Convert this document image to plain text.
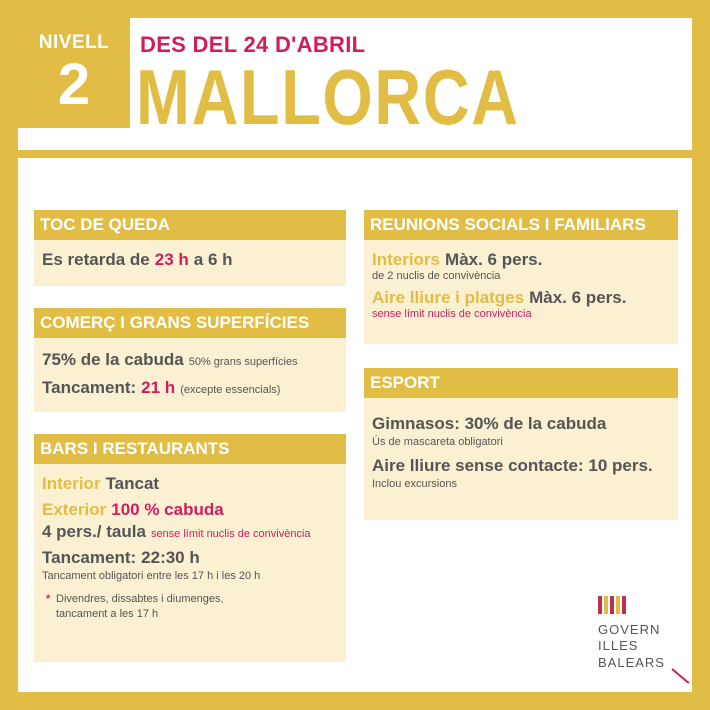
NIVELL
2
DES DEL 24 D'ABRIL
MALLORCA
TOC DE QUEDA
Es retarda de 23 h a 6 h
COMERÇ I GRANS SUPERFÍCIES
75% de la cabuda 50% grans superfícies
Tancament: 21 h (excepte essencials)
BARS I RESTAURANTS
Interior Tancat
Exterior 100 % cabuda
4 pers./ taula sense límit nuclis de convivència
Tancament: 22:30 h
Tancament obligatori entre les 17 h i les 20 h
* Divendres, dissabtes i diumenges,
tancament a les 17 h
REUNIONS SOCIALS I FAMILIARS
Interiors Màx. 6 pers.
de 2 nuclis de convivència
Aire lliure i platges Màx. 6 pers.
sense límit nuclis de convivència
ESPORT
Gimnasos: 30% de la cabuda
Ús de mascareta obligatori
Aire lliure sense contacte: 10 pers.
Inclou excursions
GOVERN
ILLES
BALEARS
